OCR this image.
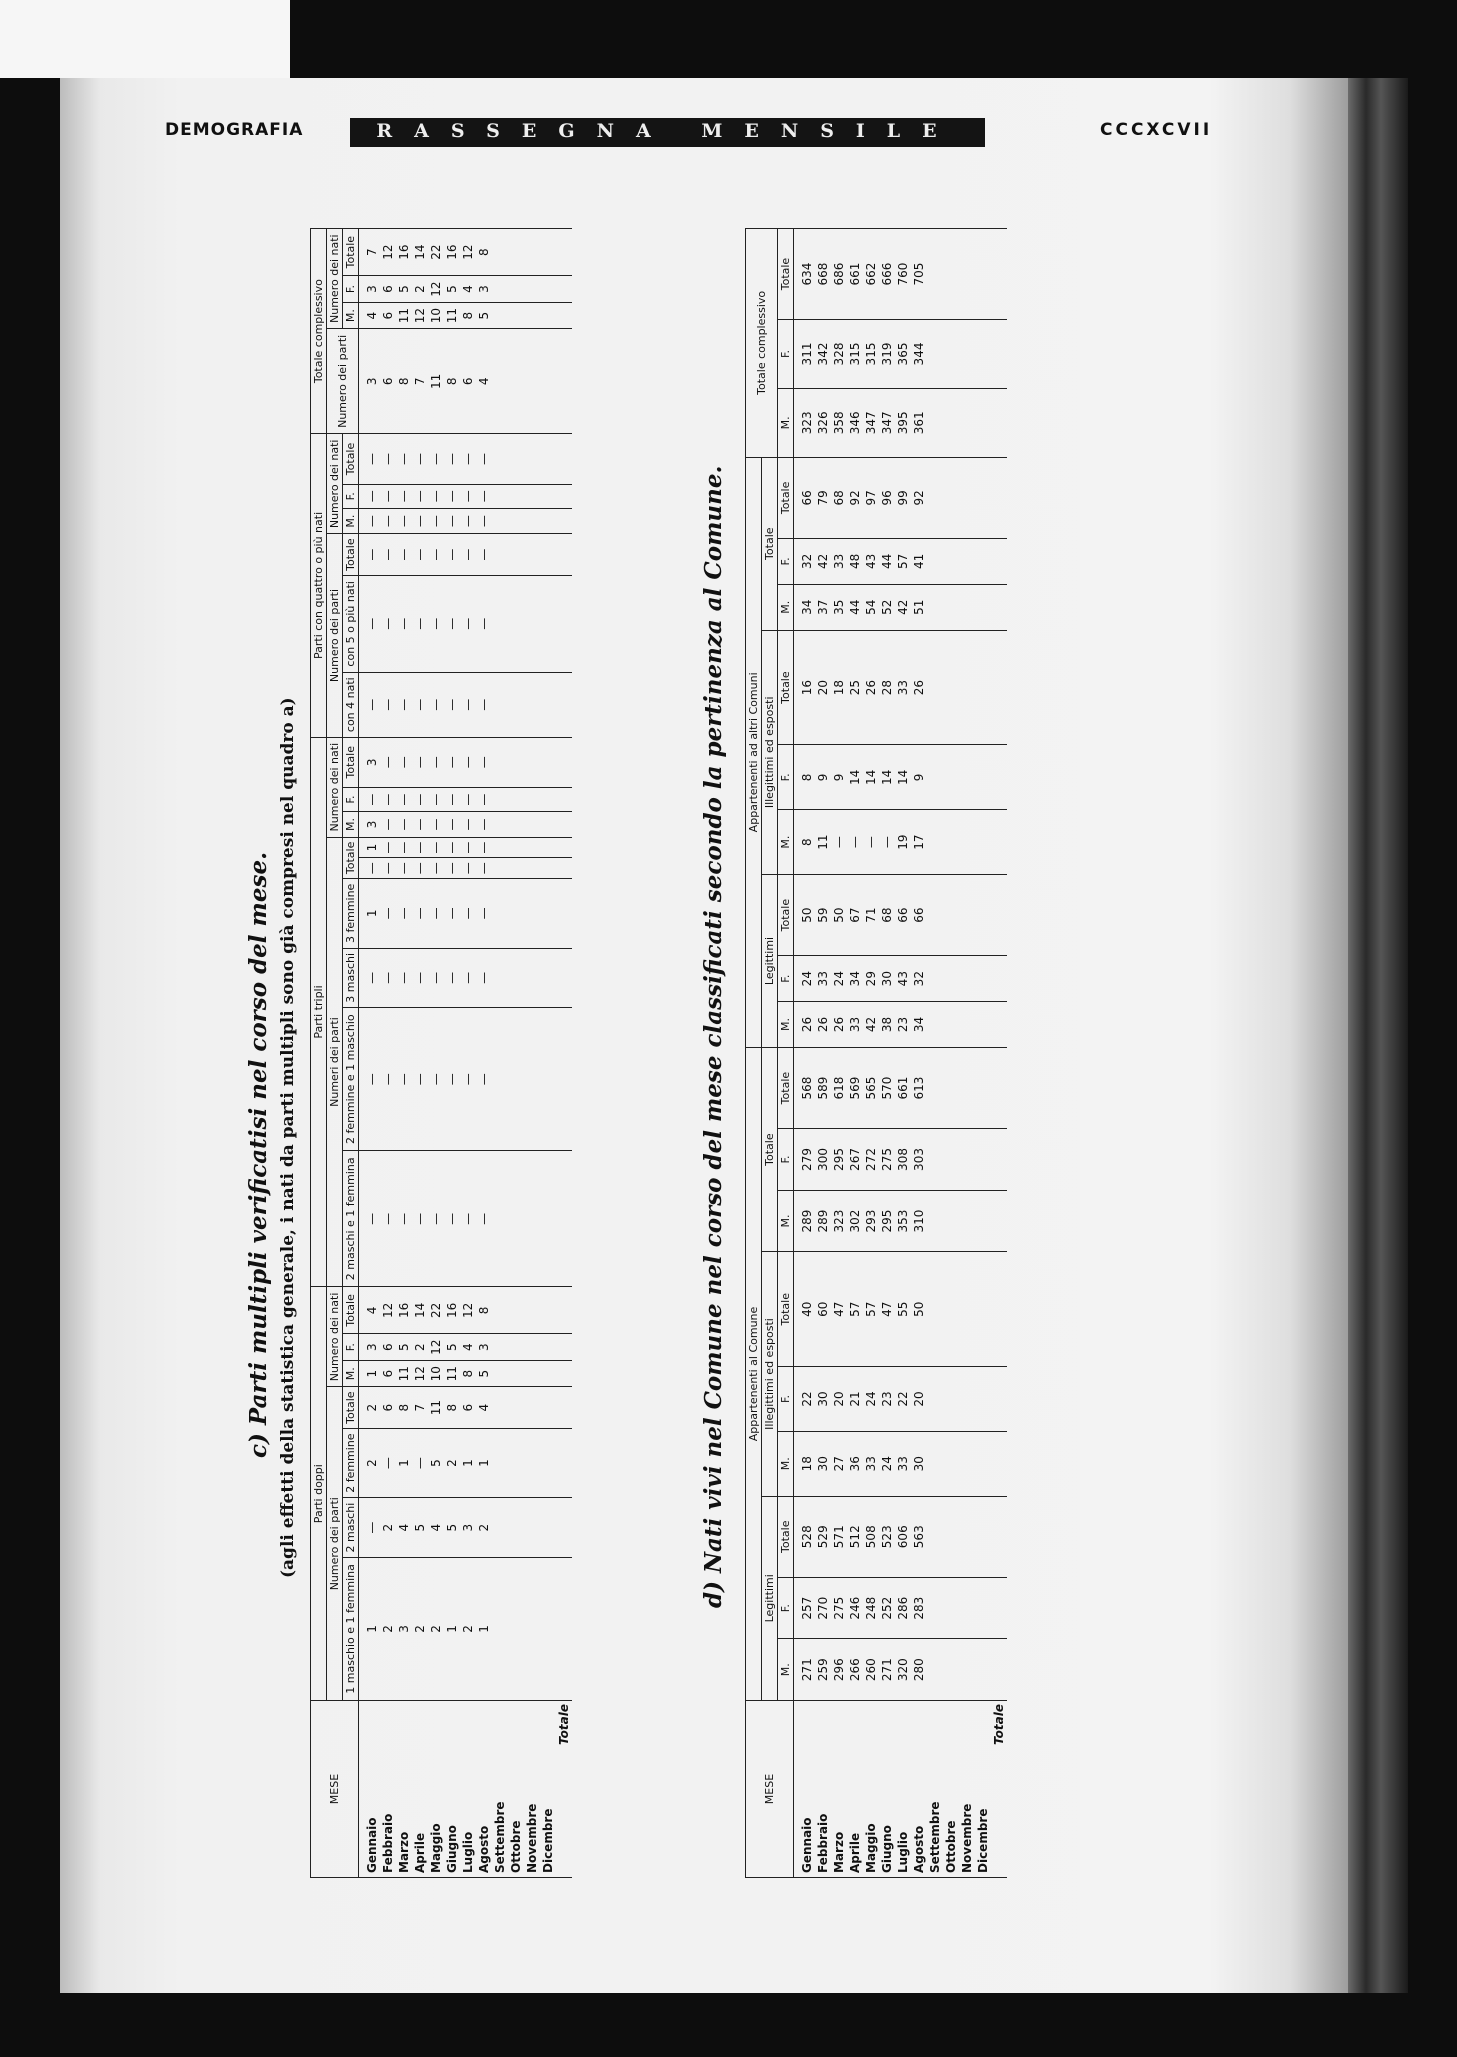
DEMOGRAFIA	RASSEGNA MENSILE	CCCXCVII
c) Parti multipli verificatisi nel corso del mese. (agli effetti della statistica generale, i nati da parti multipli sono già compresi nel quadro a)
MESE	Parti doppi							Parti tripli									Parti con quattro o più nati						Totale complessivo			
	Numero dei parti				Numero dei nati			Numeri dei parti						Numero dei nati			Numero dei parti			Numero dei nati			Numero dei parti	Numero dei nati		
	1 maschio e 1 femmina	2 maschi	2 femmine	Totale	M.	F.	Totale	2 maschi e 1 femmina	2 femmine e 1 maschio	3 maschi	3 femmine	Totale		M.	F.	Totale	con 4 nati	con 5 o più nati	Totale	M.	F.	Totale		M.	F.	Totale
Gennaio	1	—	2	2	1	3	4	—	—	—	1	—	1	3	—	3	—	—	—	—	—	—	3	4	3	7
Febbraio	2	2	—	6	6	6	12	—	—	—	—	—	—	—	—	—	—	—	—	—	—	—	6	6	6	12
Marzo	3	4	1	8	11	5	16	—	—	—	—	—	—	—	—	—	—	—	—	—	—	—	8	11	5	16
Aprile	2	5	—	7	12	2	14	—	—	—	—	—	—	—	—	—	—	—	—	—	—	—	7	12	2	14
Maggio	2	4	5	11	10	12	22	—	—	—	—	—	—	—	—	—	—	—	—	—	—	—	11	10	12	22
Giugno	1	5	2	8	11	5	16	—	—	—	—	—	—	—	—	—	—	—	—	—	—	—	8	11	5	16
Luglio	2	3	1	6	8	4	12	—	—	—	—	—	—	—	—	—	—	—	—	—	—	—	6	8	4	12
Agosto	1	2	1	4	5	3	8	—	—	—	—	—	—	—	—	—	—	—	—	—	—	—	4	5	3	8
Settembre																										
Ottobre																										
Novembre																										
Dicembre																										
Totale																										
d) Nati vivi nel Comune nel corso del mese classificati secondo la pertinenza al Comune.
MESE	Appartenenti al Comune									Appartenenti ad altri Comuni									Totale complessivo		
	Legittimi			Illegittimi ed esposti			Totale			Legittimi			Illegittimi ed esposti			Totale					
	M.	F.	Totale	M.	F.	Totale	M.	F.	Totale	M.	F.	Totale	M.	F.	Totale	M.	F.	Totale	M.	F.	Totale
Gennaio	271	257	528	18	22	40	289	279	568	26	24	50	8	8	16	34	32	66	323	311	634
Febbraio	259	270	529	30	30	60	289	300	589	26	33	59	11	9	20	37	42	79	326	342	668
Marzo	296	275	571	27	20	47	323	295	618	26	24	50	—	9	18	35	33	68	358	328	686
Aprile	266	246	512	36	21	57	302	267	569	33	34	67	—	14	25	44	48	92	346	315	661
Maggio	260	248	508	33	24	57	293	272	565	42	29	71	—	14	26	54	43	97	347	315	662
Giugno	271	252	523	24	23	47	295	275	570	38	30	68	—	14	28	52	44	96	347	319	666
Luglio	320	286	606	33	22	55	353	308	661	23	43	66	19	14	33	42	57	99	395	365	760
Agosto	280	283	563	30	20	50	310	303	613	34	32	66	17	9	26	51	41	92	361	344	705
Settembre																					
Ottobre																					
Novembre																					
Dicembre																					
Totale																					
